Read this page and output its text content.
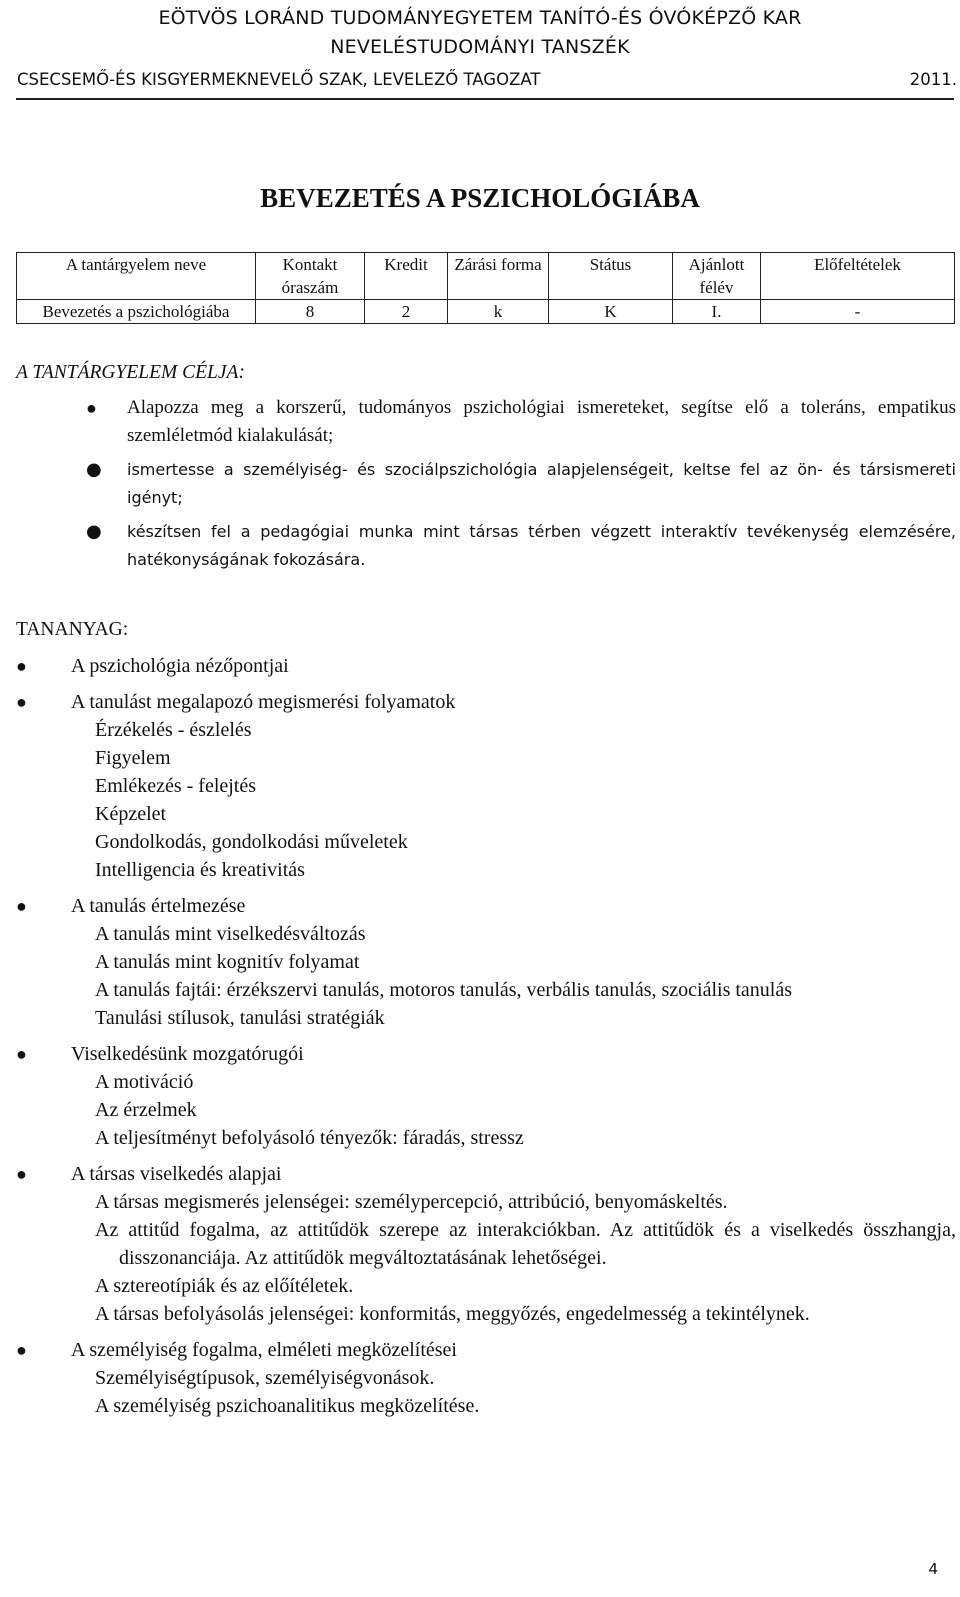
EÖTVÖS LORÁND TUDOMÁNYEGYETEM TANÍTÓ-ÉS ÓVÓKÉPZŐ KAR
NEVELÉSTUDOMÁNYI TANSZÉK
CSECSEMŐ-ÉS KISGYERMEKNEVELŐ SZAK, LEVELEZŐ TAGOZAT	2011.
BEVEZETÉS A PSZICHOLÓGIÁBA
A tantárgyelem neve	Kontakt óraszám	Kredit	Zárási forma	Státus	Ajánlott félév	Előfeltételek
Bevezetés a pszichológiába	8	2	k	K	I.	-
A TANTÁRGYELEM CÉLJA:
● Alapozza meg a korszerű, tudományos pszichológiai ismereteket, segítse elő a toleráns, empatikus szemléletmód kialakulását;
● ismertesse a személyiség- és szociálpszichológia alapjelenségeit, keltse fel az ön- és társismereti igényt;
● készítsen fel a pedagógiai munka mint társas térben végzett interaktív tevékenység elemzésére, hatékonyságának fokozására.
TANANYAG:
● A pszichológia nézőpontjai
● A tanulást megalapozó megismerési folyamatok
Érzékelés - észlelés
Figyelem
Emlékezés - felejtés
Képzelet
Gondolkodás, gondolkodási műveletek
Intelligencia és kreativitás
● A tanulás értelmezése
A tanulás mint viselkedésváltozás
A tanulás mint kognitív folyamat
A tanulás fajtái: érzékszervi tanulás, motoros tanulás, verbális tanulás, szociális tanulás
Tanulási stílusok, tanulási stratégiák
● Viselkedésünk mozgatórugói
A motiváció
Az érzelmek
A teljesítményt befolyásoló tényezők: fáradás, stressz
● A társas viselkedés alapjai
A társas megismerés jelenségei: személypercepció, attribúció, benyomáskeltés.
Az attitűd fogalma, az attitűdök szerepe az interakciókban. Az attitűdök és a viselkedés összhangja, disszonanciája. Az attitűdök megváltoztatásának lehetőségei.
A sztereotípiák és az előítéletek.
A társas befolyásolás jelenségei: konformitás, meggyőzés, engedelmesség a tekintélynek.
● A személyiség fogalma, elméleti megközelítései
Személyiségtípusok, személyiségvonások.
A személyiség pszichoanalitikus megközelítése.
4
